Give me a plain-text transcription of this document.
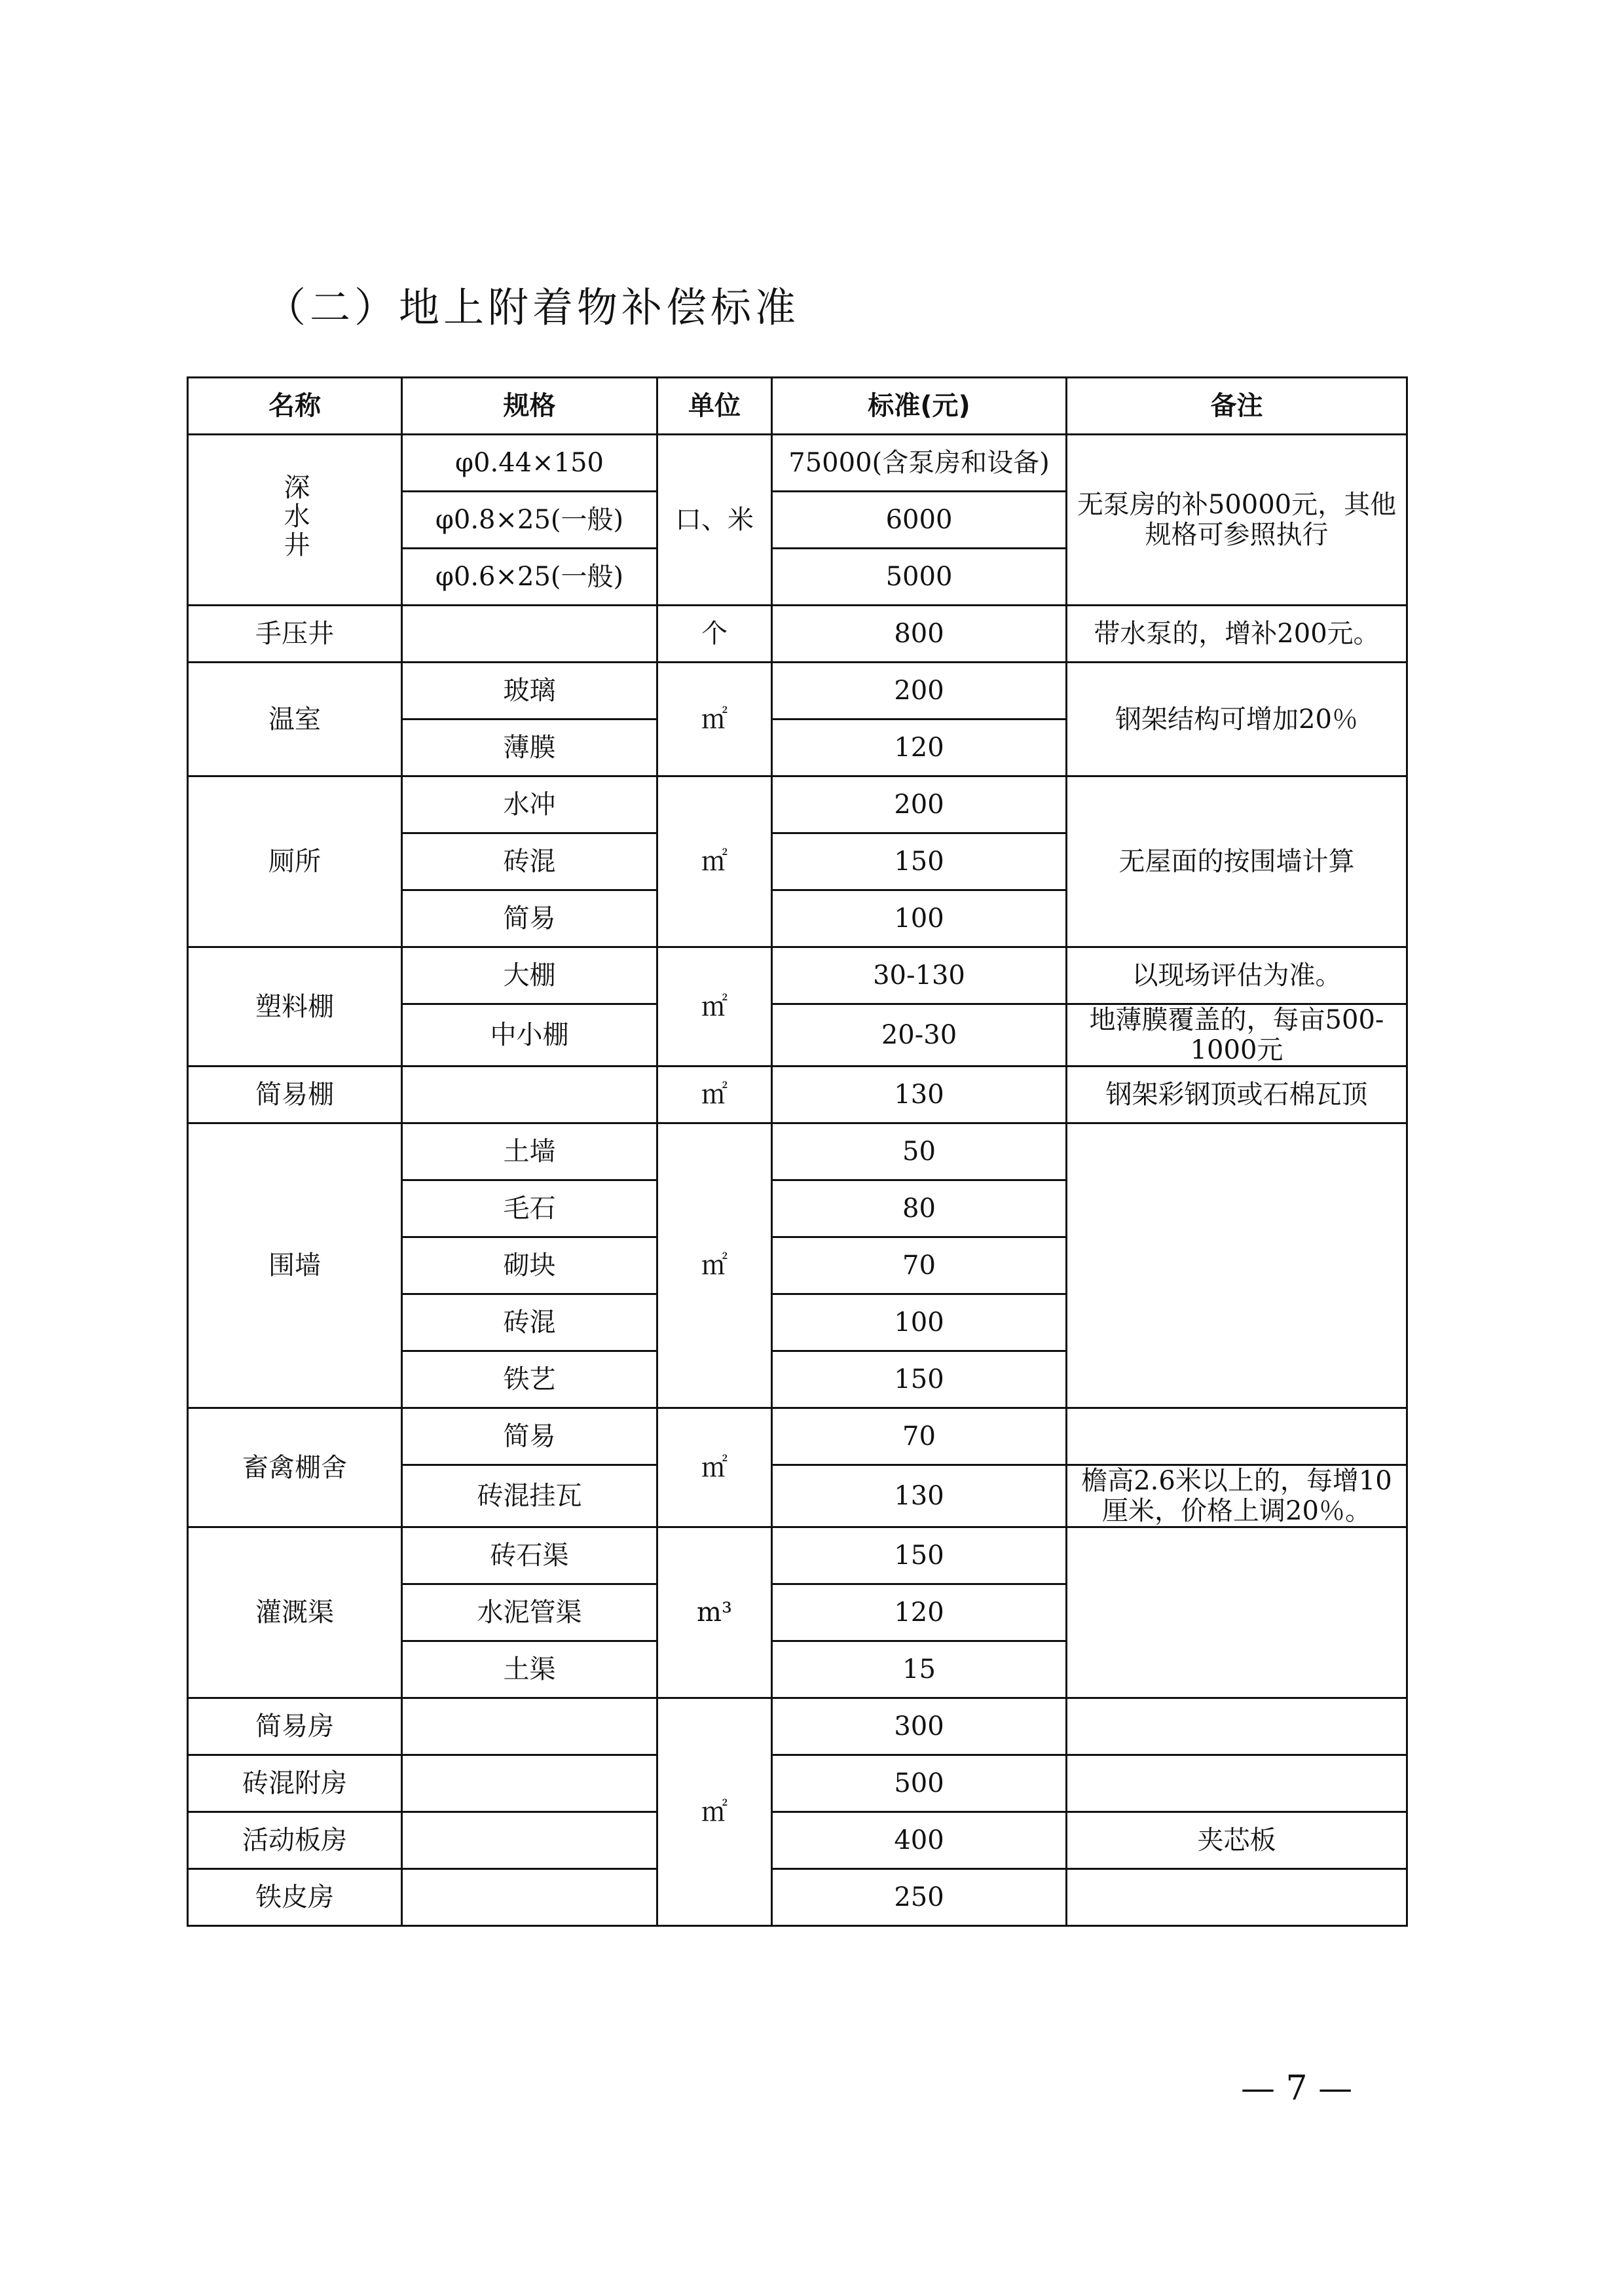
（二）地上附着物补偿标准
名称	规格	单位	标准(元)	备注
深水井	φ0.44×150	口、米	75000(含泵房和设备)	无泵房的补50000元，其他规格可参照执行
	φ0.8×25(一般)		6000	
	φ0.6×25(一般)		5000	
手压井		个	800	带水泵的，增补200元。
温室	玻璃	㎡	200	钢架结构可增加20％
	薄膜		120	
厕所	水冲	㎡	200	无屋面的按围墙计算
	砖混		150	
	简易		100	
塑料棚	大棚	㎡	30-130	以现场评估为准。
	中小棚		20-30	地薄膜覆盖的，每亩500-1000元
简易棚		㎡	130	钢架彩钢顶或石棉瓦顶
围墙	土墙	㎡	50	
	毛石		80	
	砌块		70	
	砖混		100	
	铁艺		150	
畜禽棚舍	简易	㎡	70	
	砖混挂瓦		130	檐高2.6米以上的，每增10厘米，价格上调20％。
灌溉渠	砖石渠	m³	150	
	水泥管渠		120	
	土渠		15	
简易房		㎡	300	
砖混附房			500	
活动板房			400	夹芯板
铁皮房			250	
— 7 —
